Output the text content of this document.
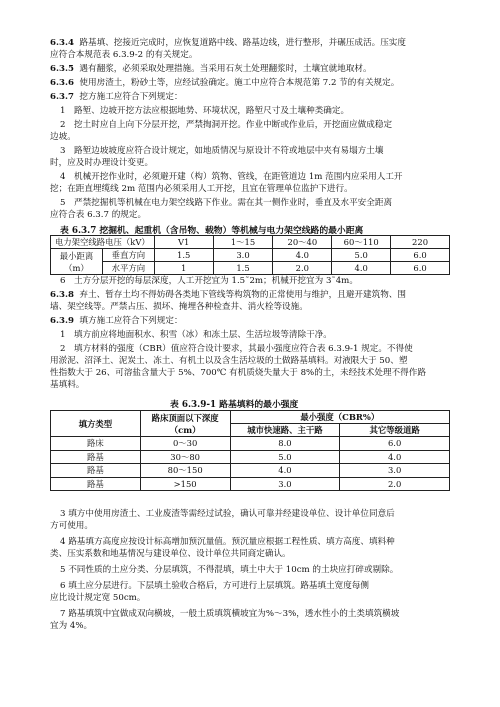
6.3.4 路基填、挖接近完成时，应恢复道路中线、路基边线，进行整形，并碾压成活。压实度
应符合本规范表 6.3.9-2 的有关规定。
6.3.5 遇有翻浆，必须采取处理措施。当采用石灰土处理翻浆时，土壤宜就地取材。
6.3.6 使用房渣土，粉砂土等，应经试验确定。施工中应符合本规范第 7.2 节的有关规定。
6.3.7 挖方施工应符合下列规定：
1　路堑、边坡开挖方法应根据地势、环境状况，路堑尺寸及土壤种类确定。
2　挖土时应自上向下分层开挖，严禁掏洞开挖。作业中断或作业后，开挖面应做成稳定
边坡。
3　路堑边坡坡度应符合设计规定，如地质情况与原设计不符或地层中夹有易塌方土壤
时，应及时办理设计变更。
4　机械开挖作业时，必须避开建（构）筑物、管线，在距管道边 1m 范围内应采用人工开
挖；在距直埋缆线 2m 范围内必须采用人工开挖，且宜在管理单位监护下进行。
5　严禁挖掘机等机械在电力架空线路下作业。需在其一侧作业时，垂直及水平安全距离
应符合表 6.3.7 的规定。
表 6.3.7 挖掘机、起重机（含吊物、载物）等机械与电力架空线路的最小距离
电力架空线路电压（kV）		V1	1～15	20～40	60～110	220
最小距离（m）	垂直方向	1.5	3.0	4.0	5.0	6.0
	水平方向	1	1.5	2.0	4.0	6.0
6　土方分层开挖的每层深度，人工开挖宜为 1.5˜2m；机械开挖宜为 3˜4m。
6.3.8 弃土、暂存土均不得妨碍各类地下管线等构筑物的正常使用与维护，且避开建筑物、围
墙、架空线等。严禁占压、损坏、掩埋各种检查井、消火栓等设施。
6.3.9 填方施工应符合下列规定：
1　填方前应将地面积水、积雪（冰）和冻土层、生活垃圾等清除干净。
2　填方材料的强度（CBR）值应符合设计要求，其最小强度应符合表 6.3.9-1 规定。不得使
用淤泥、沼泽土、泥炭土、冻土、有机土以及含生活垃圾的土做路基填料。对液限大于 50、塑
性指数大于 26、可溶盐含量大于 5%、700℃ 有机质烧失量大于 8%的土，未经技术处理不得作路
基填料。
表 6.3.9-1 路基填料的最小强度
填方类型	路床顶面以下深度
（cm）	最小强度（CBR%）	
		城市快速路、主干路	其它等级道路
路床	0～30	8.0	6.0
路基	30～80	5.0	4.0
路基	80～150	4.0	3.0
路基	>150	3.0	2.0
3 填方中使用房渣土、工业废渣等需经过试验，确认可靠并经建设单位、设计单位同意后
方可使用。
4 路基填方高度应按设计标高增加预沉量值。预沉量应根据工程性质、填方高度、填料种
类、压实系数和地基情况与建设单位、设计单位共同商定确认。
5 不同性质的土应分类、分层填筑，不得混填，填土中大于 10cm 的土块应打碎或剔除。
6 填土应分层进行。下层填土验收合格后，方可进行上层填筑。路基填土宽度每侧
应比设计规定宽 50cm。
7 路基填筑中宜做成双向横坡，一般土质填筑横坡宜为%～3%，透水性小的土类填筑横坡
宜为 4%。
